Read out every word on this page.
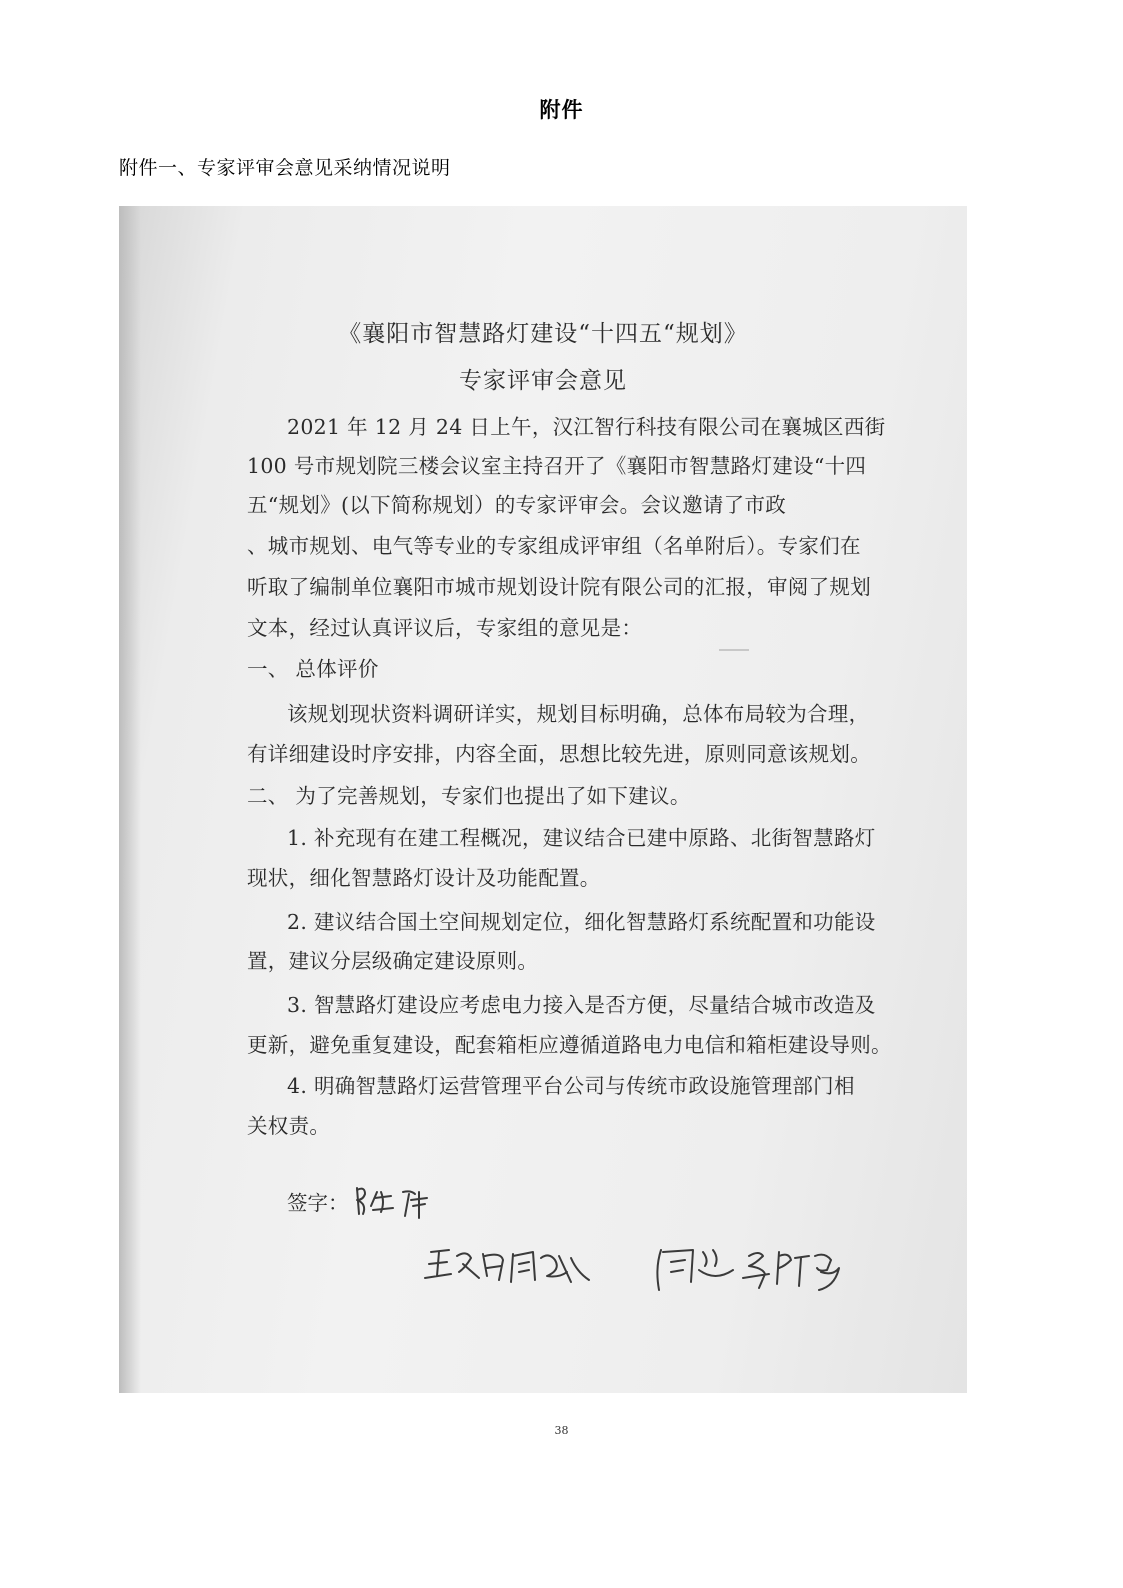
附件
附件一、专家评审会意见采纳情况说明
《襄阳市智慧路灯建设“十四五“规划》
专家评审会意见
2021 年 12 月 24 日上午，汉江智行科技有限公司在襄城区西街
100 号市规划院三楼会议室主持召开了《襄阳市智慧路灯建设“十四
五“规划》(以下简称规划）的专家评审会。会议邀请了市政
、城市规划、电气等专业的专家组成评审组（名单附后）。专家们在
听取了编制单位襄阳市城市规划设计院有限公司的汇报，审阅了规划
文本，经过认真评议后，专家组的意见是：
一、 总体评价
该规划现状资料调研详实，规划目标明确，总体布局较为合理，
有详细建设时序安排，内容全面，思想比较先进，原则同意该规划。
二、 为了完善规划，专家们也提出了如下建议。
1. 补充现有在建工程概况，建议结合已建中原路、北街智慧路灯
现状，细化智慧路灯设计及功能配置。
2. 建议结合国土空间规划定位，细化智慧路灯系统配置和功能设
置，建议分层级确定建设原则。
3. 智慧路灯建设应考虑电力接入是否方便，尽量结合城市改造及
更新，避免重复建设，配套箱柜应遵循道路电力电信和箱柜建设导则。
4. 明确智慧路灯运营管理平台公司与传统市政设施管理部门相
关权责。
签字：
38
